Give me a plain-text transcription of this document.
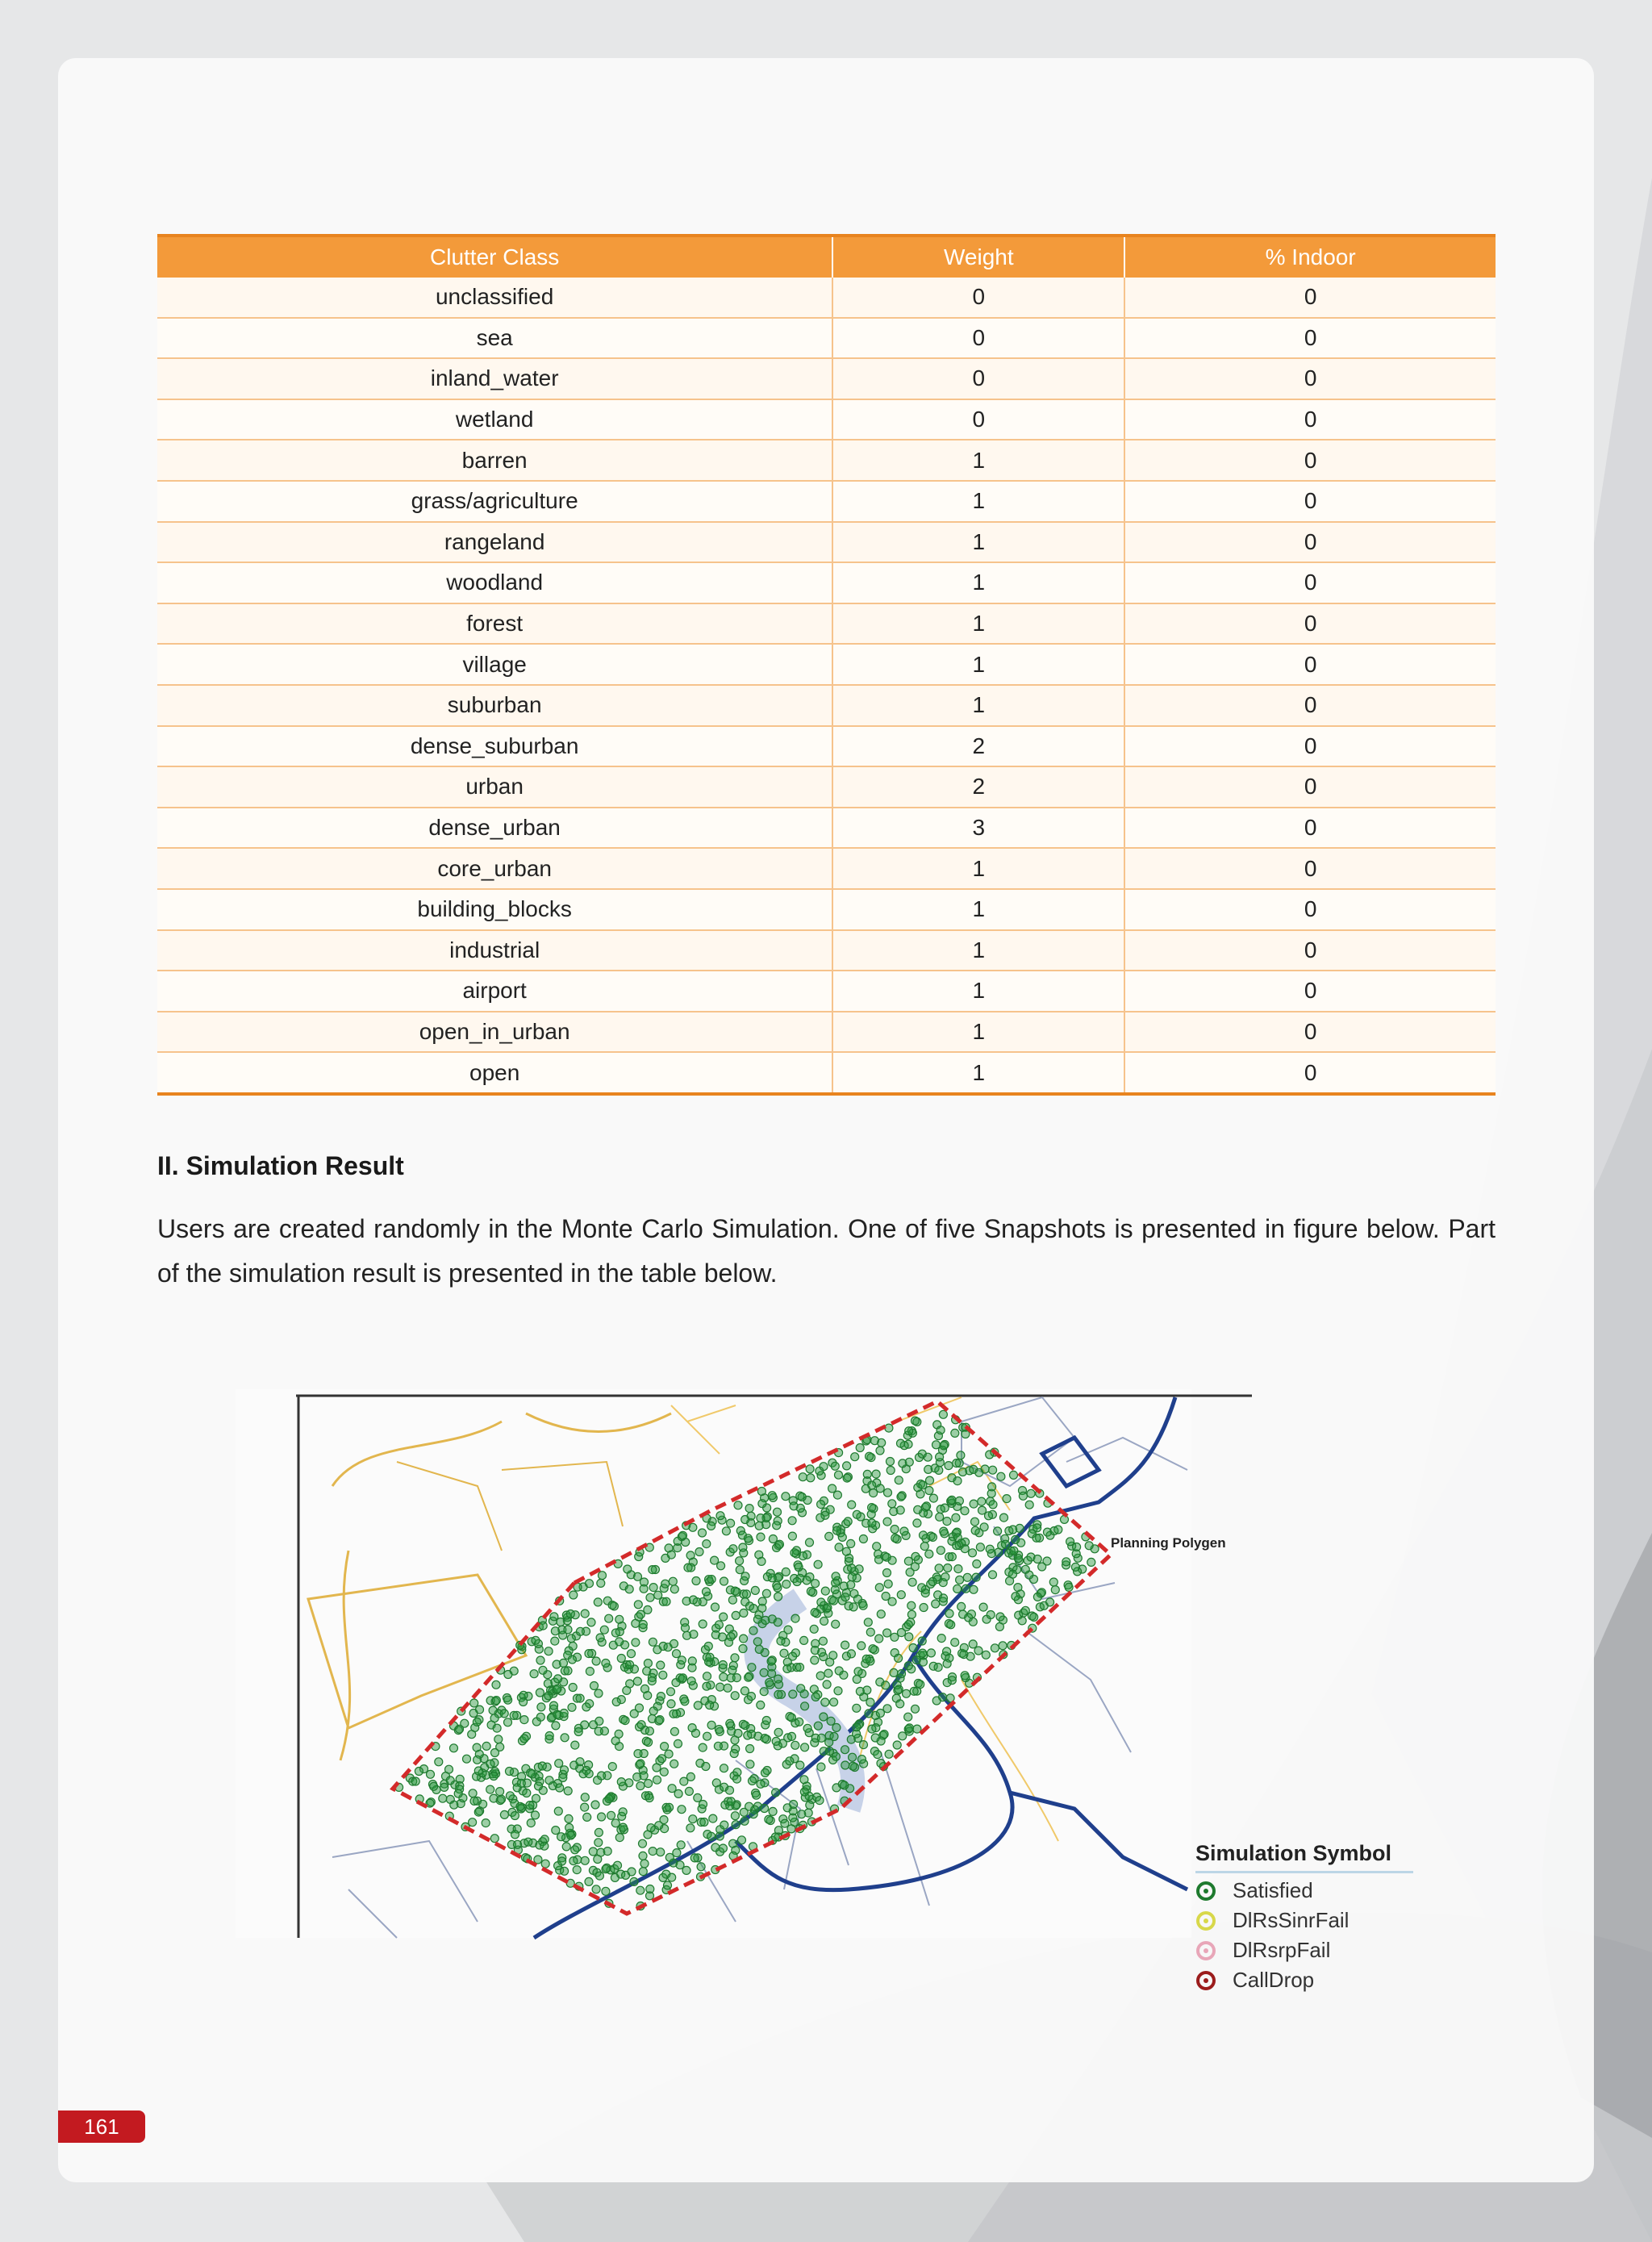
Clutter Class	Weight	% Indoor
unclassified	0	0
sea	0	0
inland_water	0	0
wetland	0	0
barren	1	0
grass/agriculture	1	0
rangeland	1	0
woodland	1	0
forest	1	0
village	1	0
suburban	1	0
dense_suburban	2	0
urban	2	0
dense_urban	3	0
core_urban	1	0
building_blocks	1	0
industrial	1	0
airport	1	0
open_in_urban	1	0
open	1	0
II. Simulation Result
Users are created randomly in the Monte Carlo Simulation. One of five Snapshots is presented in figure below. Part of the simulation result is presented in the table below.
Planning Polygen
Simulation Symbol
Satisfied
DlRsSinrFail
DlRsrpFail
CallDrop
161
